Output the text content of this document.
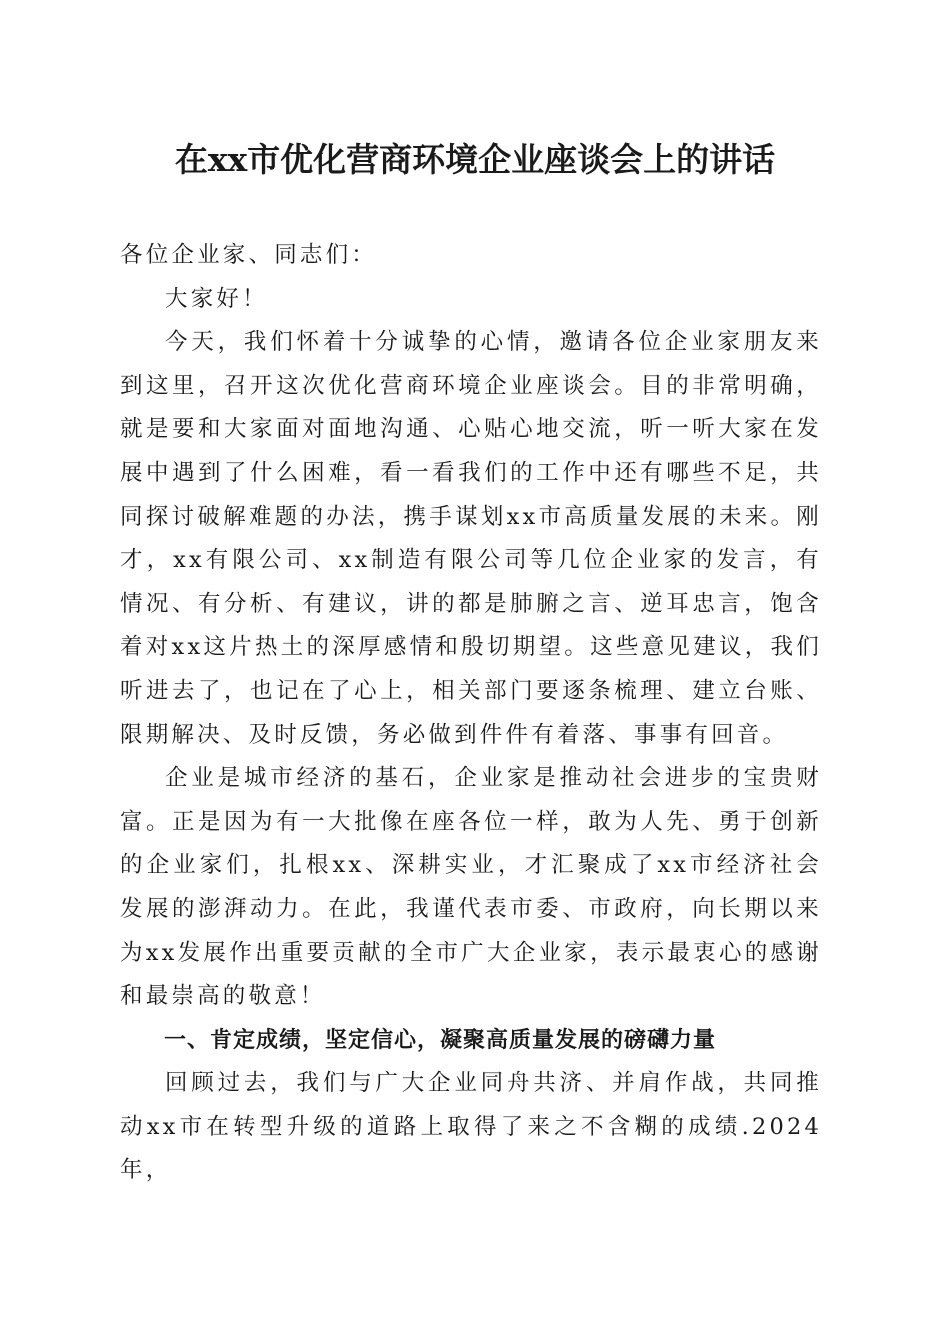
在xx市优化营商环境企业座谈会上的讲话

各位企业家、同志们：

大家好！

今天，我们怀着十分诚挚的心情，邀请各位企业家朋友来到这里，召开这次优化营商环境企业座谈会。目的非常明确，就是要和大家面对面地沟通、心贴心地交流，听一听大家在发展中遇到了什么困难，看一看我们的工作中还有哪些不足，共同探讨破解难题的办法，携手谋划xx市高质量发展的未来。刚才，xx有限公司、xx制造有限公司等几位企业家的发言，有情况、有分析、有建议，讲的都是肺腑之言、逆耳忠言，饱含着对xx这片热土的深厚感情和殷切期望。这些意见建议，我们听进去了，也记在了心上，相关部门要逐条梳理、建立台账、限期解决、及时反馈，务必做到件件有着落、事事有回音。

企业是城市经济的基石，企业家是推动社会进步的宝贵财富。正是因为有一大批像在座各位一样，敢为人先、勇于创新的企业家们，扎根xx、深耕实业，才汇聚成了xx市经济社会发展的澎湃动力。在此，我谨代表市委、市政府，向长期以来为xx发展作出重要贡献的全市广大企业家，表示最衷心的感谢和最崇高的敬意！

一、肯定成绩，坚定信心，凝聚高质量发展的磅礴力量

回顾过去，我们与广大企业同舟共济、并肩作战，共同推动xx市在转型升级的道路上取得了来之不含糊的成绩.2024年，
